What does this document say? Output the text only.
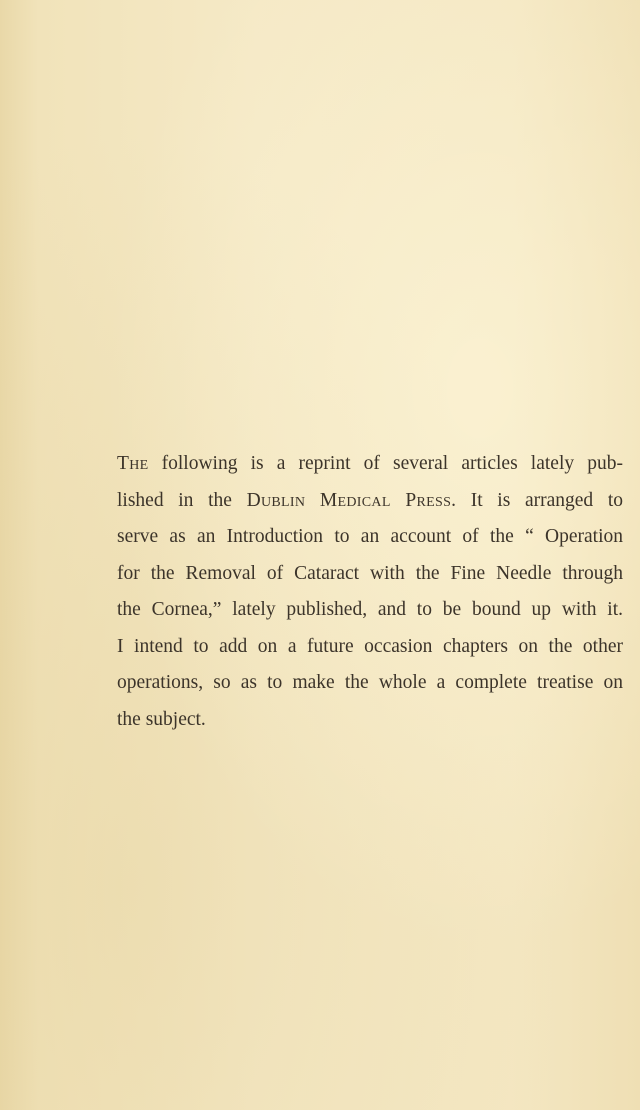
The following is a reprint of several articles lately pub-
lished in the Dublin Medical Press. It is arranged to
serve as an Introduction to an account of the “ Operation
for the Removal of Cataract with the Fine Needle through
the Cornea,” lately published, and to be bound up with it.
I intend to add on a future occasion chapters on the other
operations, so as to make the whole a complete treatise on
the subject.
